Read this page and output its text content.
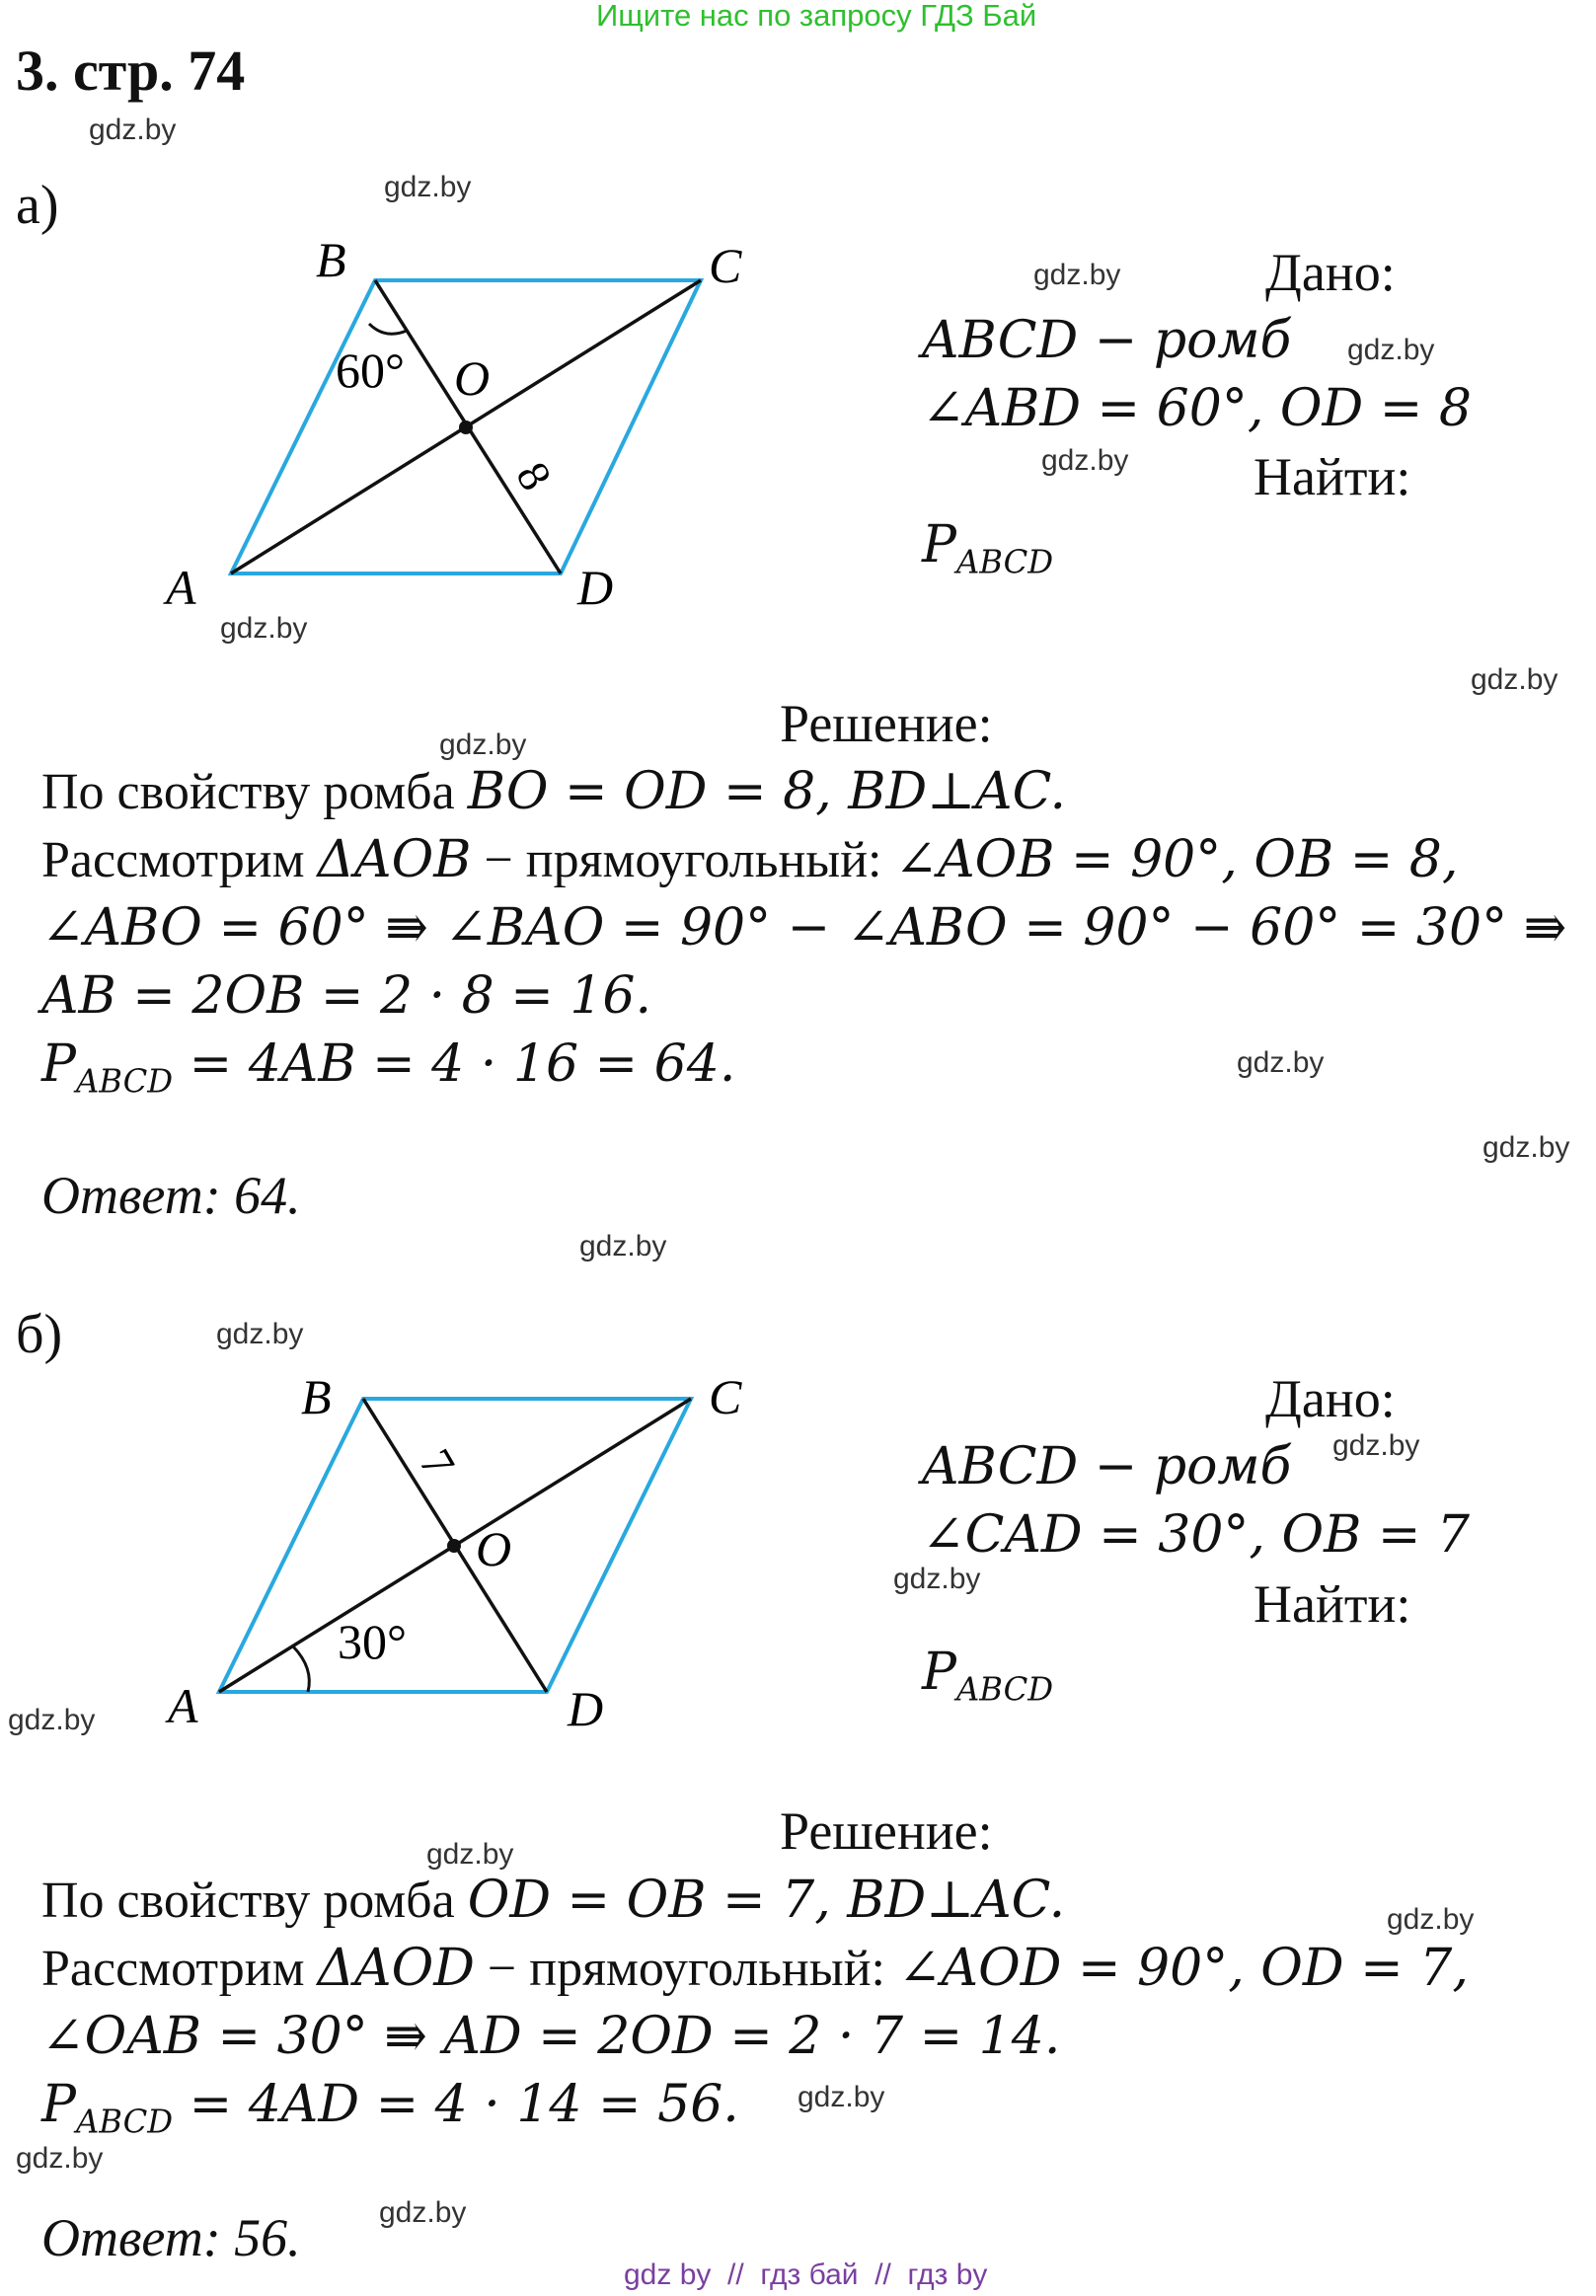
Ищите нас по запросу ГДЗ Бай
3. стр. 74
gdz.by
gdz.by
gdz.by
gdz.by
gdz.by
gdz.by
gdz.by
gdz.by
gdz.by
gdz.by
gdz.by
gdz.by
gdz.by
gdz.by
gdz.by
gdz.by
gdz.by
gdz.by
gdz.by
gdz.by
а)
B	C
A	D
O
60°
8
Дано:
ABCD − ромб
∠ABD = 60°, OD = 8
Найти:
$P_{ABCD}$
Решение:
По свойству ромба BO = OD = 8, BD⊥AC.
Рассмотрим ΔAOB − прямоугольный: ∠AOB = 90°, OB = 8,
∠ABO = 60° ⇛ ∠BAO = 90° − ∠ABO = 90° − 60° = 30° ⇛
AB = 2OB = 2 · 8 = 16.
$P_{ABCD} = 4AB = 4 \cdot 16 = 64$.
Ответ: 64.
б)
B	C
A	D
O
30°
7
Дано:
ABCD − ромб
∠CAD = 30°, OB = 7
Найти:
$P_{ABCD}$
Решение:
По свойству ромба OD = OB = 7, BD⊥AC.
Рассмотрим ΔAOD − прямоугольный: ∠AOD = 90°, OD = 7,
∠OAB = 30° ⇛ AD = 2OD = 2 · 7 = 14.
$P_{ABCD} = 4AD = 4 \cdot 14 = 56$.
Ответ: 56.
gdz by  //  гдз бай  //  гдз by
